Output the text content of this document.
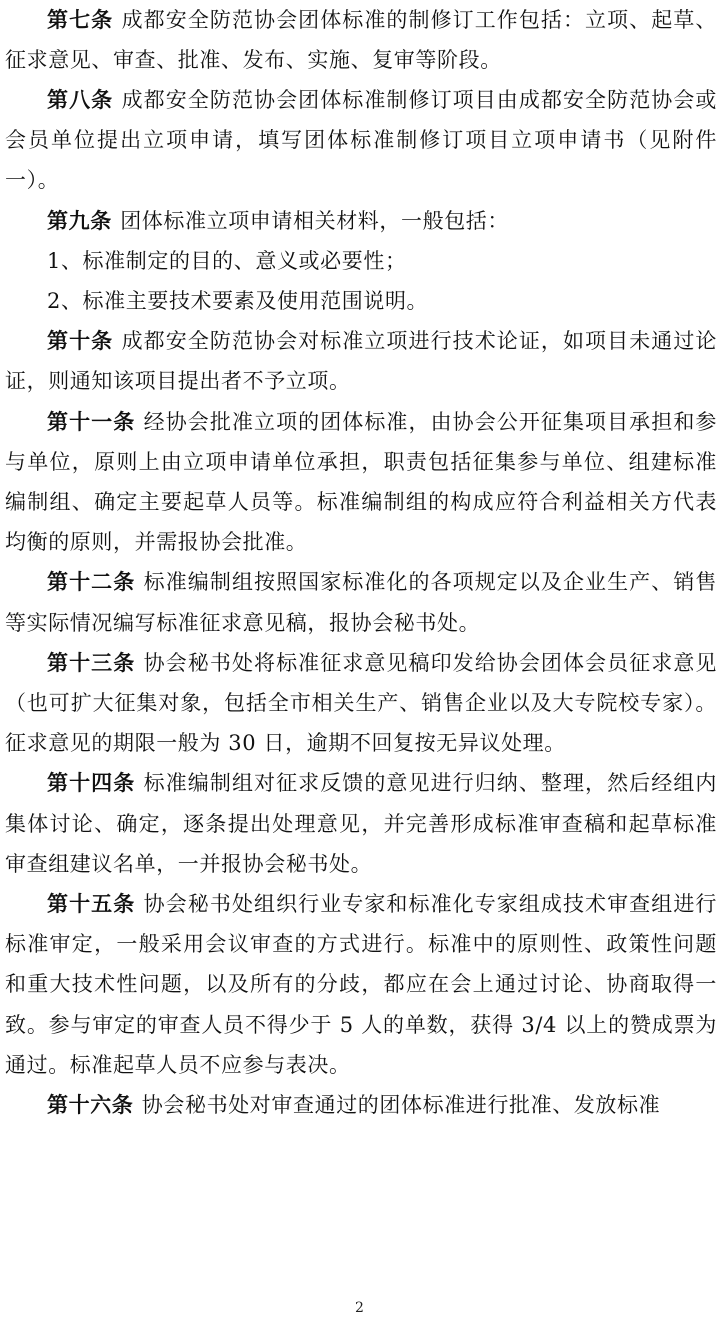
第七条 成都安全防范协会团体标准的制修订工作包括：立项、起草、征求意见、审查、批准、发布、实施、复审等阶段。

第八条 成都安全防范协会团体标准制修订项目由成都安全防范协会或会员单位提出立项申请，填写团体标准制修订项目立项申请书（见附件一）。

第九条 团体标准立项申请相关材料，一般包括：

1、标准制定的目的、意义或必要性；

2、标准主要技术要素及使用范围说明。

第十条 成都安全防范协会对标准立项进行技术论证，如项目未通过论证，则通知该项目提出者不予立项。

第十一条 经协会批准立项的团体标准，由协会公开征集项目承担和参与单位，原则上由立项申请单位承担，职责包括征集参与单位、组建标准编制组、确定主要起草人员等。标准编制组的构成应符合利益相关方代表均衡的原则，并需报协会批准。

第十二条 标准编制组按照国家标准化的各项规定以及企业生产、销售等实际情况编写标准征求意见稿，报协会秘书处。

第十三条 协会秘书处将标准征求意见稿印发给协会团体会员征求意见（也可扩大征集对象，包括全市相关生产、销售企业以及大专院校专家）。征求意见的期限一般为 30 日，逾期不回复按无异议处理。

第十四条 标准编制组对征求反馈的意见进行归纳、整理，然后经组内集体讨论、确定，逐条提出处理意见，并完善形成标准审查稿和起草标准审查组建议名单，一并报协会秘书处。

第十五条 协会秘书处组织行业专家和标准化专家组成技术审查组进行标准审定，一般采用会议审查的方式进行。标准中的原则性、政策性问题和重大技术性问题，以及所有的分歧，都应在会上通过讨论、协商取得一致。参与审定的审查人员不得少于 5 人的单数，获得 3/4 以上的赞成票为通过。标准起草人员不应参与表决。

第十六条 协会秘书处对审查通过的团体标准进行批准、发放标准

2
